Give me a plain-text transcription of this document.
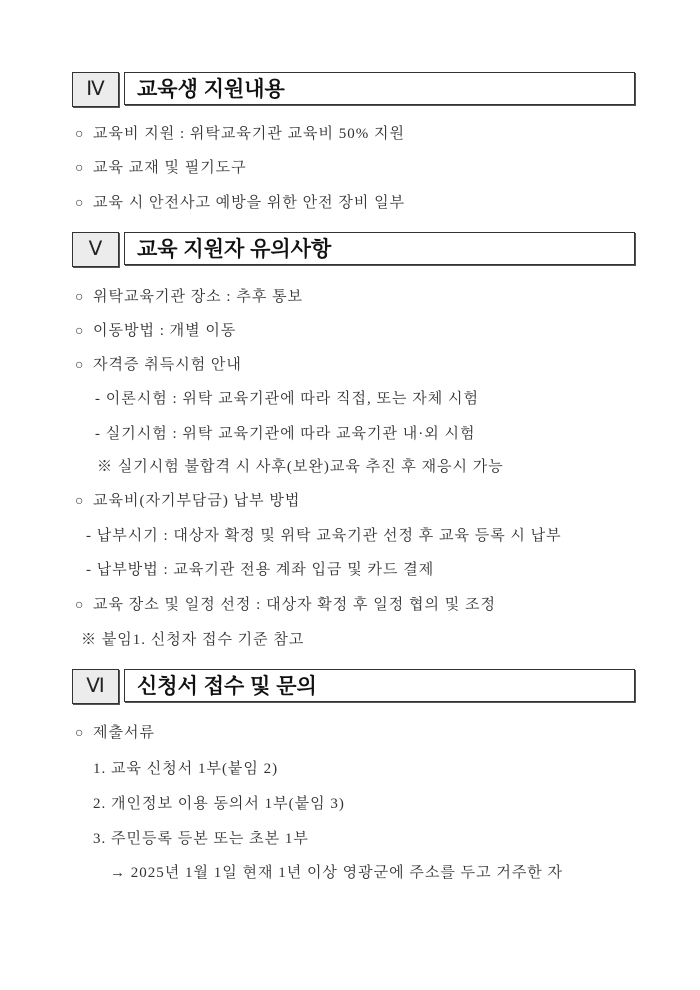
Ⅳ	교육생 지원내용
○ 교육비 지원 : 위탁교육기관 교육비 50% 지원
○ 교육 교재 및 필기도구
○ 교육 시 안전사고 예방을 위한 안전 장비 일부
Ⅴ	교육 지원자 유의사항
○ 위탁교육기관 장소 : 추후 통보
○ 이동방법 : 개별 이동
○ 자격증 취득시험 안내
- 이론시험 : 위탁 교육기관에 따라 직접, 또는 자체 시험
- 실기시험 : 위탁 교육기관에 따라 교육기관 내·외 시험
※ 실기시험 불합격 시 사후(보완)교육 추진 후 재응시 가능
○ 교육비(자기부담금) 납부 방법
- 납부시기 : 대상자 확정 및 위탁 교육기관 선정 후 교육 등록 시 납부
- 납부방법 : 교육기관 전용 계좌 입금 및 카드 결제
○ 교육 장소 및 일정 선정 : 대상자 확정 후 일정 협의 및 조정
※ 붙임1. 신청자 접수 기준 참고
Ⅵ	신청서 접수 및 문의
○ 제출서류
1. 교육 신청서 1부(붙임 2)
2. 개인정보 이용 동의서 1부(붙임 3)
3. 주민등록 등본 또는 초본 1부
→ 2025년 1월 1일 현재 1년 이상 영광군에 주소를 두고 거주한 자
